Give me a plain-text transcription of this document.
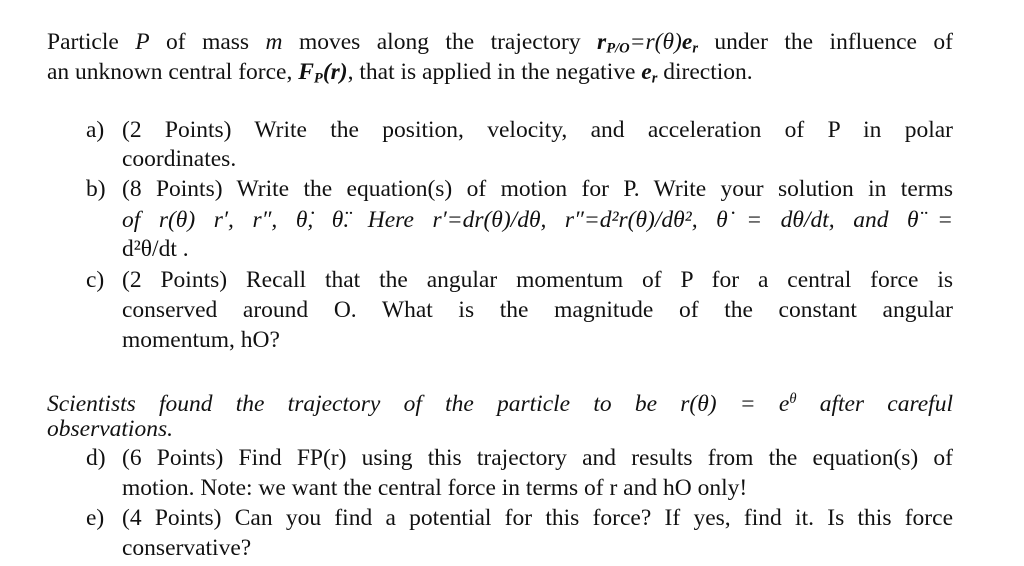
Particle P of mass m moves along the trajectory $r_{P/O}=r(\theta)e_r$ under the influence of
an unknown central force, $F_P(r)$, that is applied in the negative $e_r$ direction.
a) (2 Points) Write the position, velocity, and acceleration of P in polar
coordinates.
b) (8 Points) Write the equation(s) of motion for P. Write your solution in terms
of r(θ) r′, r″, θ̇, θ̈. Here r′=dr(θ)/dθ, r″=d²r(θ)/dθ², θ̇ = dθ/dt, and θ̈ =
d²θ/dt .
c) (2 Points) Recall that the angular momentum of P for a central force is
conserved around O. What is the magnitude of the constant angular
momentum, hO?
Scientists found the trajectory of the particle to be $r(\theta) = e^\theta$ after careful
observations.
d) (6 Points) Find FP(r) using this trajectory and results from the equation(s) of
motion. Note: we want the central force in terms of r and hO only!
e) (4 Points) Can you find a potential for this force? If yes, find it. Is this force
conservative?
